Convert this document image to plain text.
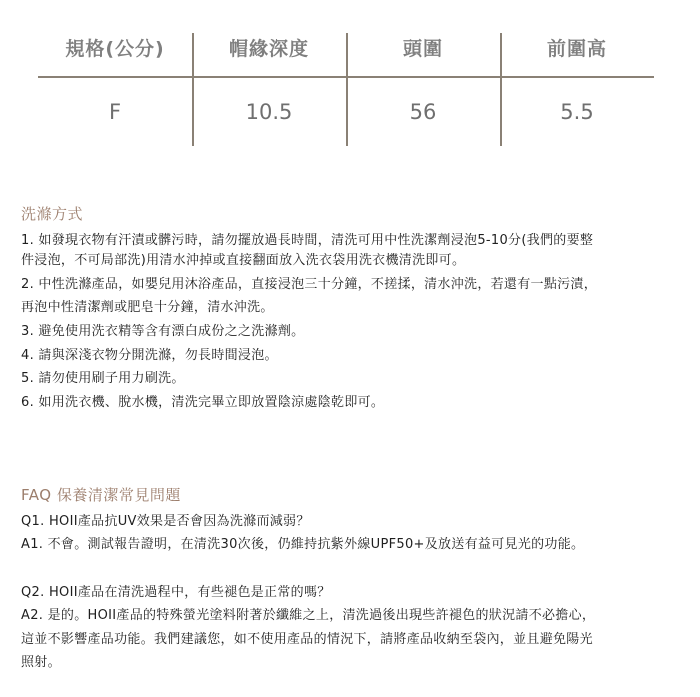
規格(公分)	帽緣深度	頭圍	前圍高
F	10.5	56	5.5
洗滌方式
1. 如發現衣物有汗漬或髒污時，請勿擺放過長時間，清洗可用中性洗潔劑浸泡5-10分(我們的要整
件浸泡，不可局部洗)用清水沖掉或直接翻面放入洗衣袋用洗衣機清洗即可。
2. 中性洗滌產品，如嬰兒用沐浴產品，直接浸泡三十分鐘，不搓揉，清水沖洗，若還有一點污漬，
再泡中性清潔劑或肥皂十分鐘，清水沖洗。
3. 避免使用洗衣精等含有漂白成份之之洗滌劑。
4. 請與深淺衣物分開洗滌，勿長時間浸泡。
5. 請勿使用刷子用力刷洗。
6. 如用洗衣機、脫水機，清洗完畢立即放置陰涼處陰乾即可。
FAQ 保養清潔常見問題
Q1. HOII產品抗UV效果是否會因為洗滌而減弱？
A1. 不會。測試報告證明，在清洗30次後，仍維持抗紫外線UPF50+及放送有益可見光的功能。
Q2. HOII產品在清洗過程中，有些褪色是正常的嗎？
A2. 是的。HOII產品的特殊螢光塗料附著於纖維之上，清洗過後出現些許褪色的狀況請不必擔心，
這並不影響產品功能。我們建議您，如不使用產品的情況下，請將產品收納至袋內，並且避免陽光
照射。
